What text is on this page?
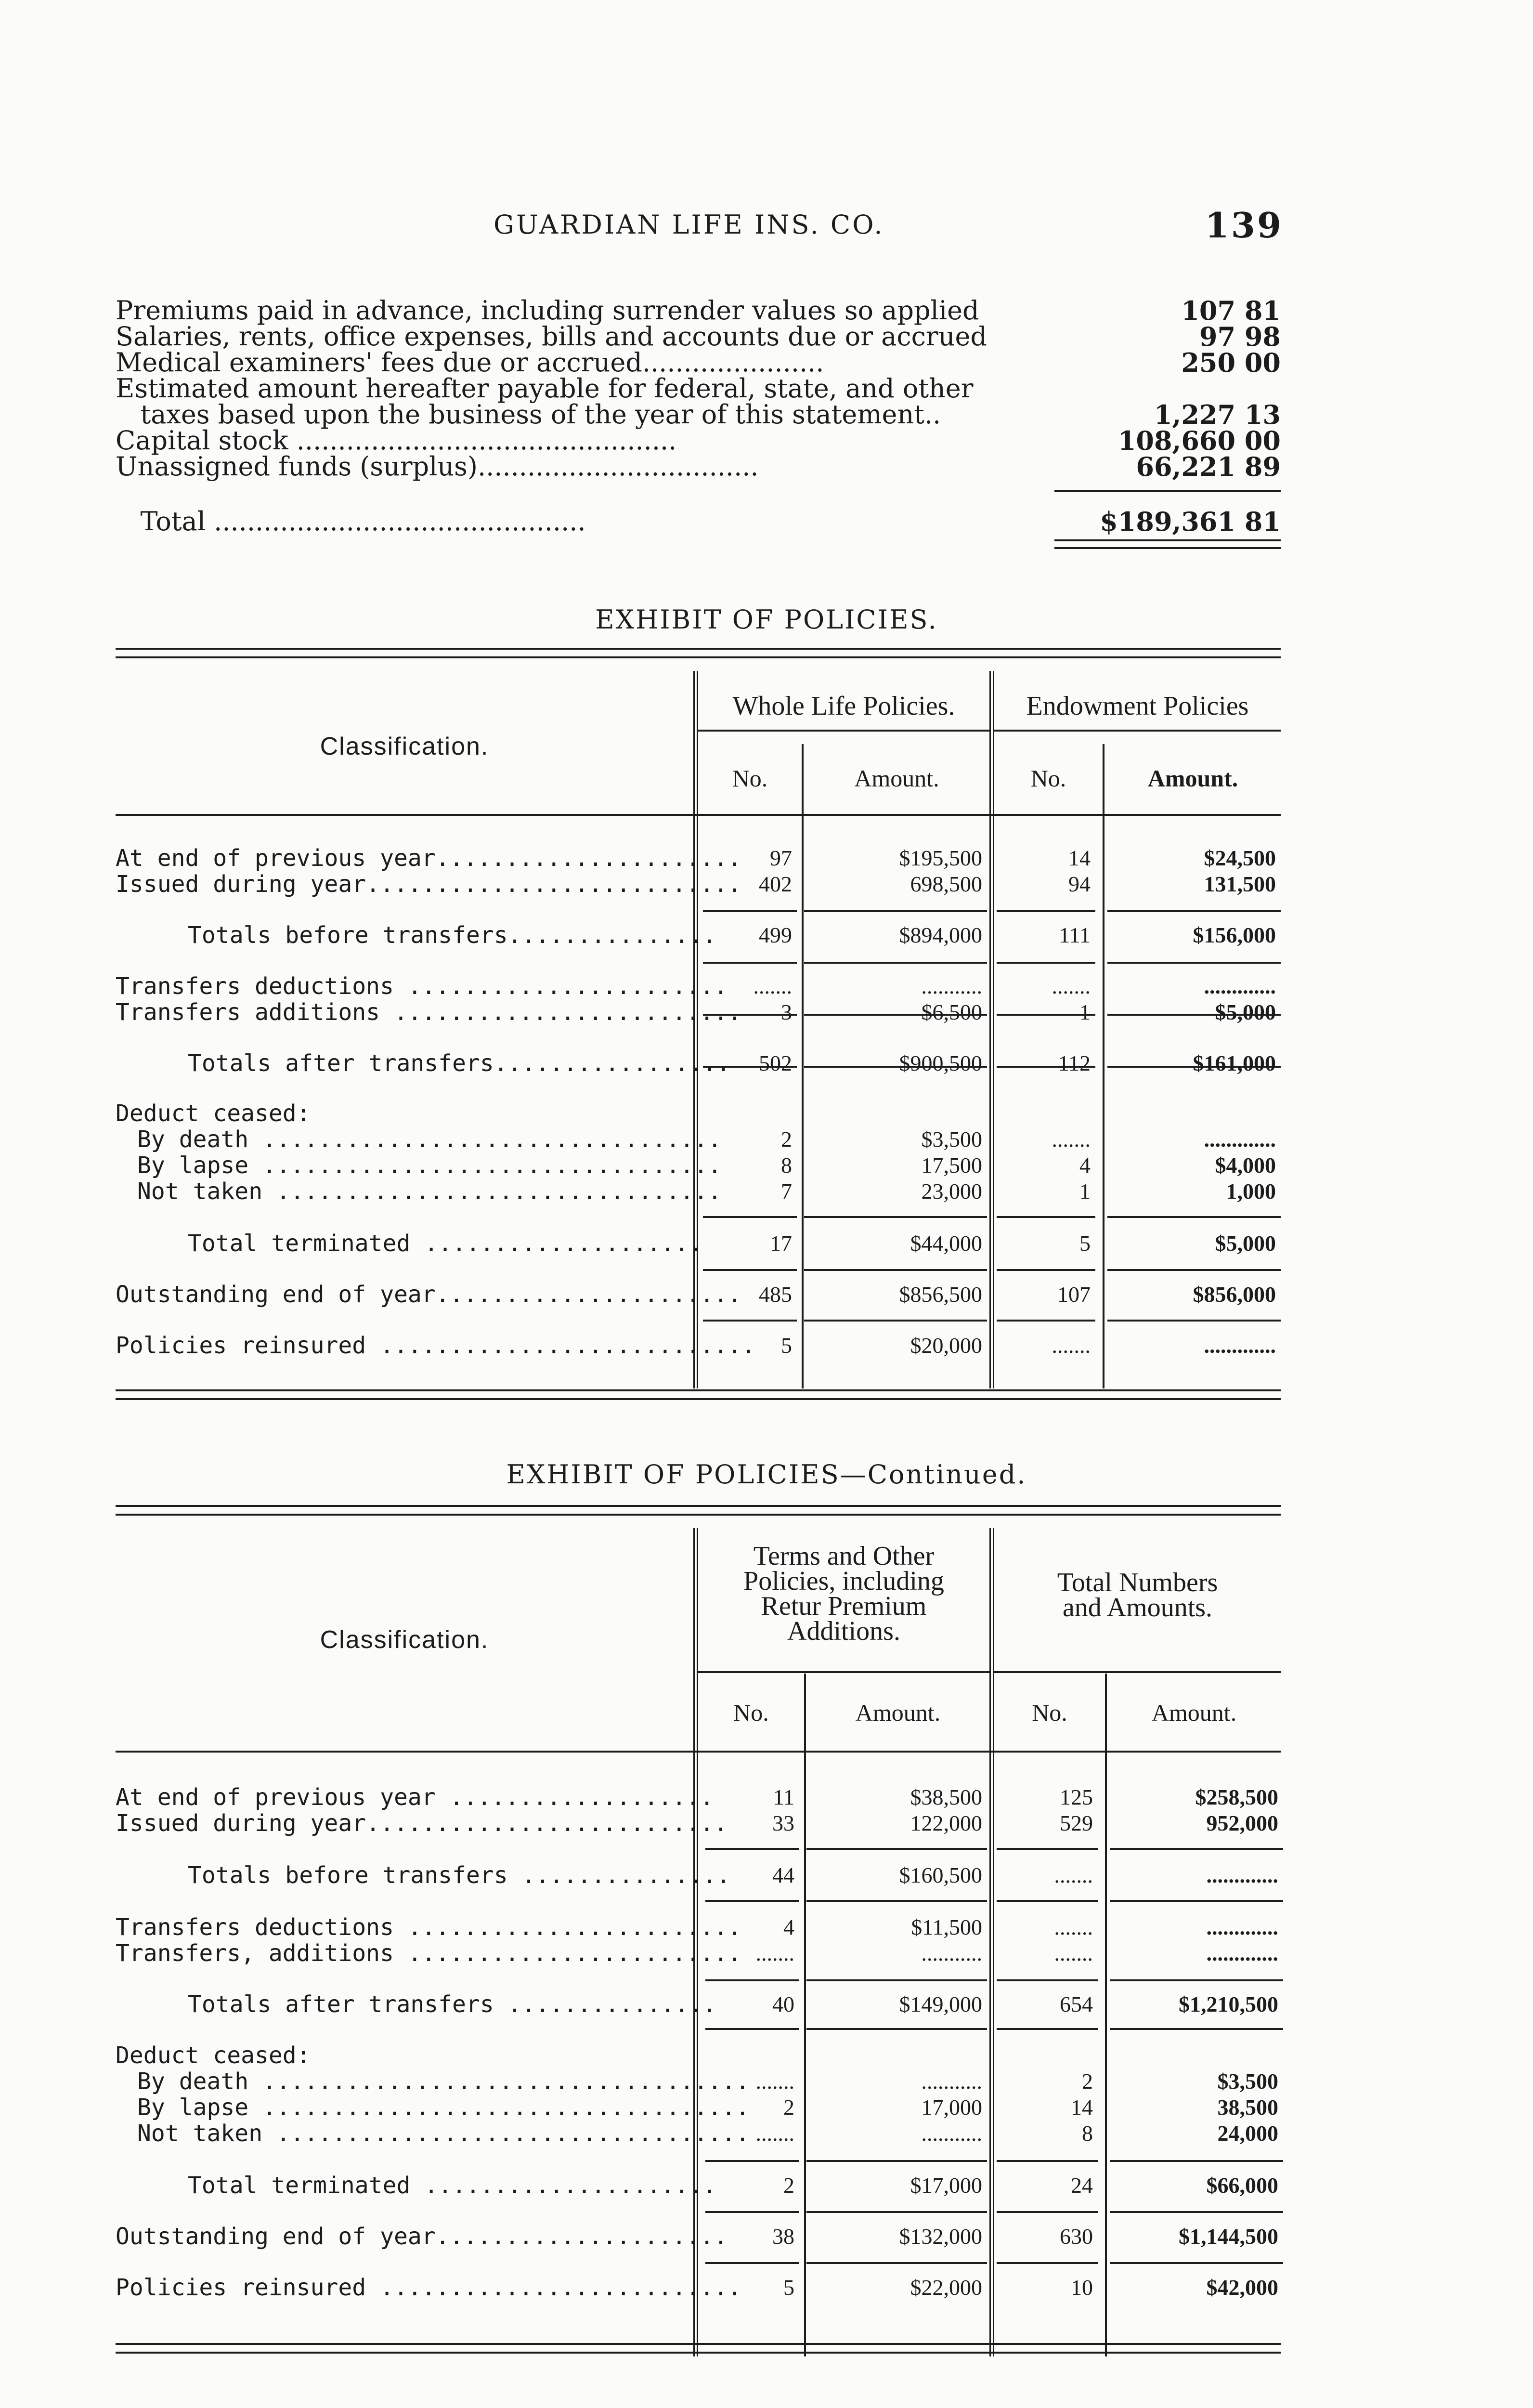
GUARDIAN LIFE INS. CO.	139
Premiums paid in advance, including surrender values so applied	107 81
Salaries, rents, office expenses, bills and accounts due or accrued	97 98
Medical examiners' fees due or accrued......................	250 00
Estimated amount hereafter payable for federal, state, and other
taxes based upon the business of the year of this statement..	1,227 13
Capital stock ..............................................	108,660 00
Unassigned funds (surplus)..................................	66,221 89
Total .............................................	$189,361 81
EXHIBIT OF POLICIES.
Classification.
Whole Life Policies.	Endowment Policies
No.	Amount.	No.	Amount.
At end of previous year......................	97	$195,500	14	$24,500
Issued during year........................... 402	698,500	94	131,500
Totals before transfers...............	499	$894,000	111	$156,000
Transfers deductions .......................	.......	...........	.......	.............
Transfers additions .........................	3	$6,500	1	$5,000
Totals after transfers.................	502	$900,500	112	$161,000
Deduct ceased:
By death .................................	2	$3,500	.......	.............
By lapse .................................	8	17,500	4	$4,000
Not taken ................................	7	23,000	1	1,000
Total terminated ....................	17	$44,000	5	$5,000
Outstanding end of year...................... 485	$856,500	107	$856,000
Policies reinsured ...........................	5	$20,000	.......	.............
EXHIBIT OF POLICIES—Continued.
Classification.
Terms and Other
Policies, including
Retur Premium
Additions.
Total Numbers
and Amounts.
No.	Amount.	No.	Amount.
At end of previous year ...................	11	$38,500	125	$258,500
Issued during year..........................	33	122,000	529	952,000
Totals before transfers ...............	44	$160,500	.......	.............
Transfers deductions ........................	4	$11,500	.......	.............
Transfers, additions ........................ .......	...........	.......	.............
Totals after transfers ...............	40	$149,000	654	$1,210,500
Deduct ceased:
By death ................................... .......	...........	2	$3,500
By lapse ...................................	2	17,000	14	38,500
Not taken .................................. .......	...........	8	24,000
Total terminated .....................	2	$17,000	24	$66,000
Outstanding end of year.....................	38	$132,000	630	$1,144,500
Policies reinsured ..........................	5	$22,000	10	$42,000
